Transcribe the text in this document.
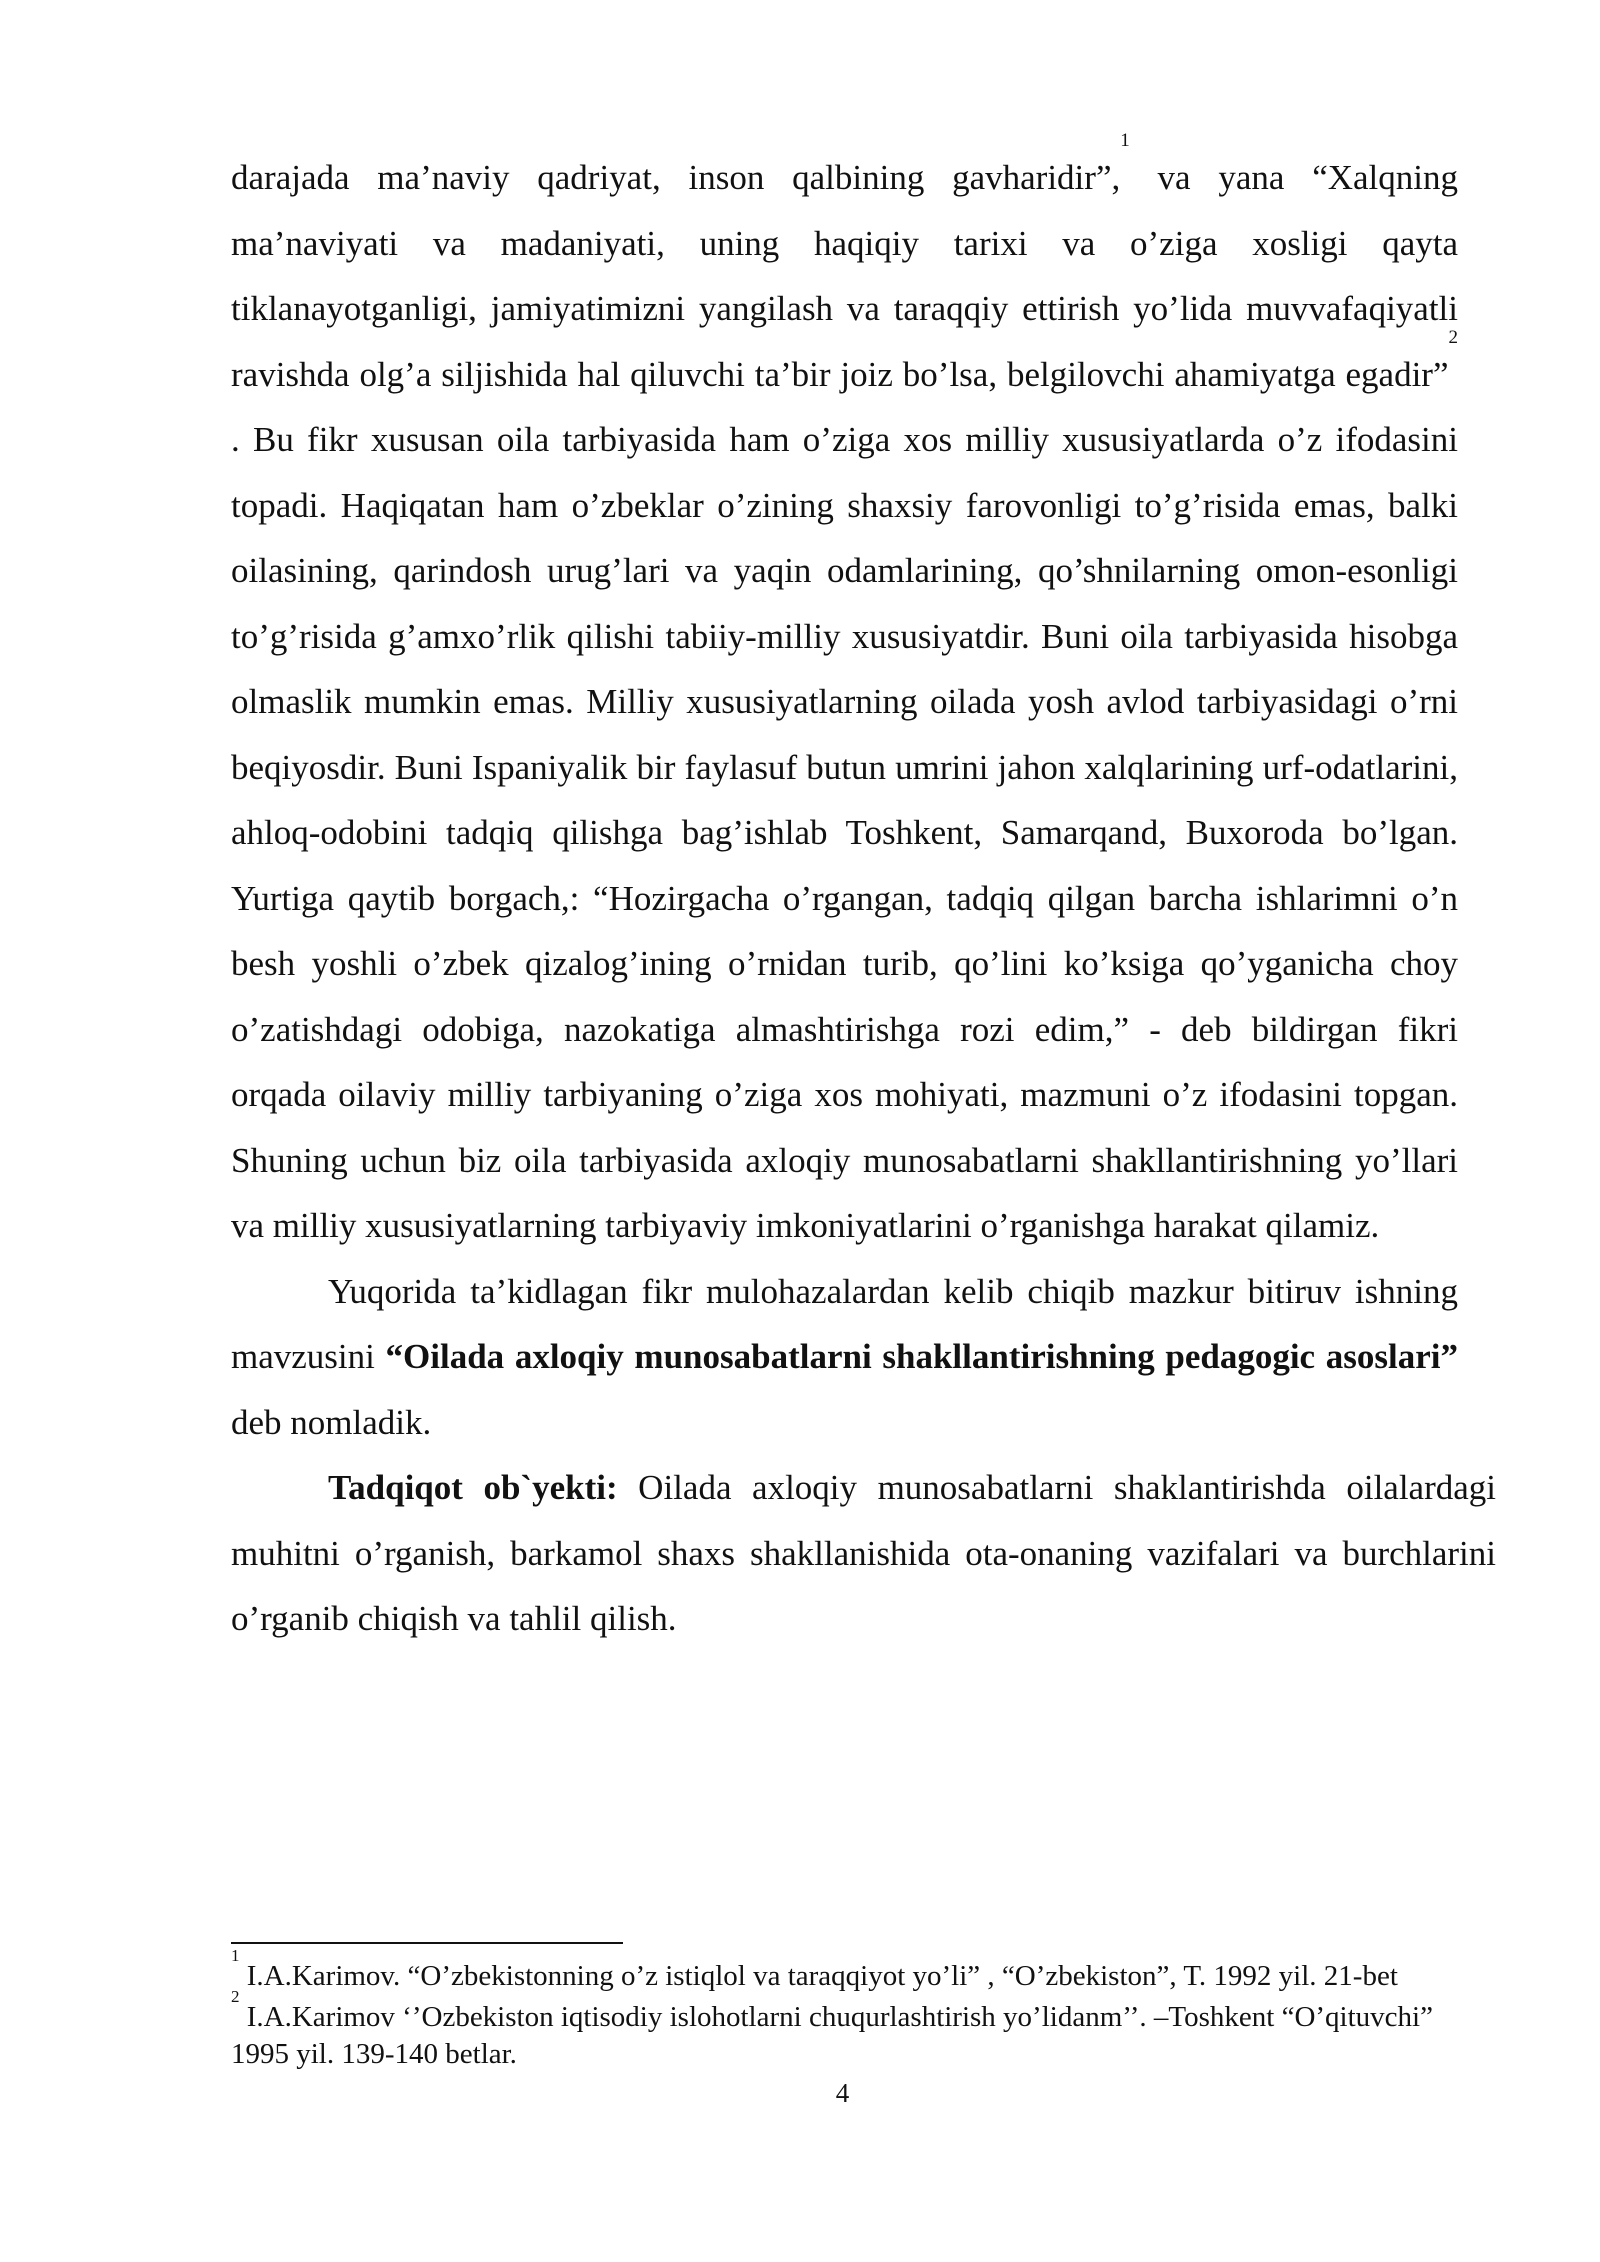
darajada ma’naviy qadriyat, inson qalbining gavharidir”,$^1$ va yana “Xalqning ma’naviyati va madaniyati, uning haqiqiy tarixi va o’ziga xosligi qayta tiklanayotganligi, jamiyatimizni yangilash va taraqqiy ettirish yo’lida muvvafaqiyatli ravishda olg’a siljishida hal qiluvchi ta’bir joiz bo’lsa, belgilovchi ahamiyatga egadir”$^2$ . Bu fikr xususan oila tarbiyasida ham o’ziga xos milliy xususiyatlarda o’z ifodasini topadi. Haqiqatan ham o’zbeklar o’zining shaxsiy farovonligi to’g’risida emas, balki oilasining, qarindosh urug’lari va yaqin odamlarining, qo’shnilarning omon-esonligi to’g’risida g’amxo’rlik qilishi tabiiy-milliy xususiyatdir. Buni oila tarbiyasida hisobga olmaslik mumkin emas. Milliy xususiyatlarning oilada yosh avlod tarbiyasidagi o’rni beqiyosdir. Buni Ispaniyalik bir faylasuf butun umrini jahon xalqlarining urf-odatlarini, ahloq-odobini tadqiq qilishga bag’ishlab Toshkent, Samarqand, Buxoroda bo’lgan. Yurtiga qaytib borgach,: “Hozirgacha o’rgangan, tadqiq qilgan barcha ishlarimni o’n besh yoshli o’zbek qizalog’ining o’rnidan turib, qo’lini ko’ksiga qo’yganicha choy o’zatishdagi odobiga, nazokatiga almashtirishga rozi edim,” - deb bildirgan fikri orqada oilaviy milliy tarbiyaning o’ziga xos mohiyati, mazmuni o’z ifodasini topgan. Shuning uchun biz oila tarbiyasida axloqiy munosabatlarni shakllantirishning yo’llari va milliy xususiyatlarning tarbiyaviy imkoniyatlarini o’rganishga harakat qilamiz.

Yuqorida ta’kidlagan fikr mulohazalardan kelib chiqib mazkur bitiruv ishning mavzusini “Oilada axloqiy munosabatlarni shakllantirishning pedagogic asoslari” deb nomladik.

Tadqiqot ob`yekti: Oilada axloqiy munosabatlarni shaklantirishda oilalardagi muhitni o’rganish, barkamol shaxs shakllanishida ota-onaning vazifalari va burchlarini o’rganib chiqish va tahlil qilish.

$^1$ I.A.Karimov. “O’zbekistonning o’z istiqlol va taraqqiyot yo’li” , “O’zbekiston”, T. 1992 yil. 21-bet

$^2$ I.A.Karimov ‘’Ozbekiston iqtisodiy islohotlarni chuqurlashtirish yo’lidanm’’. –Toshkent “O’qituvchi” 1995 yil. 139-140 betlar.

4
